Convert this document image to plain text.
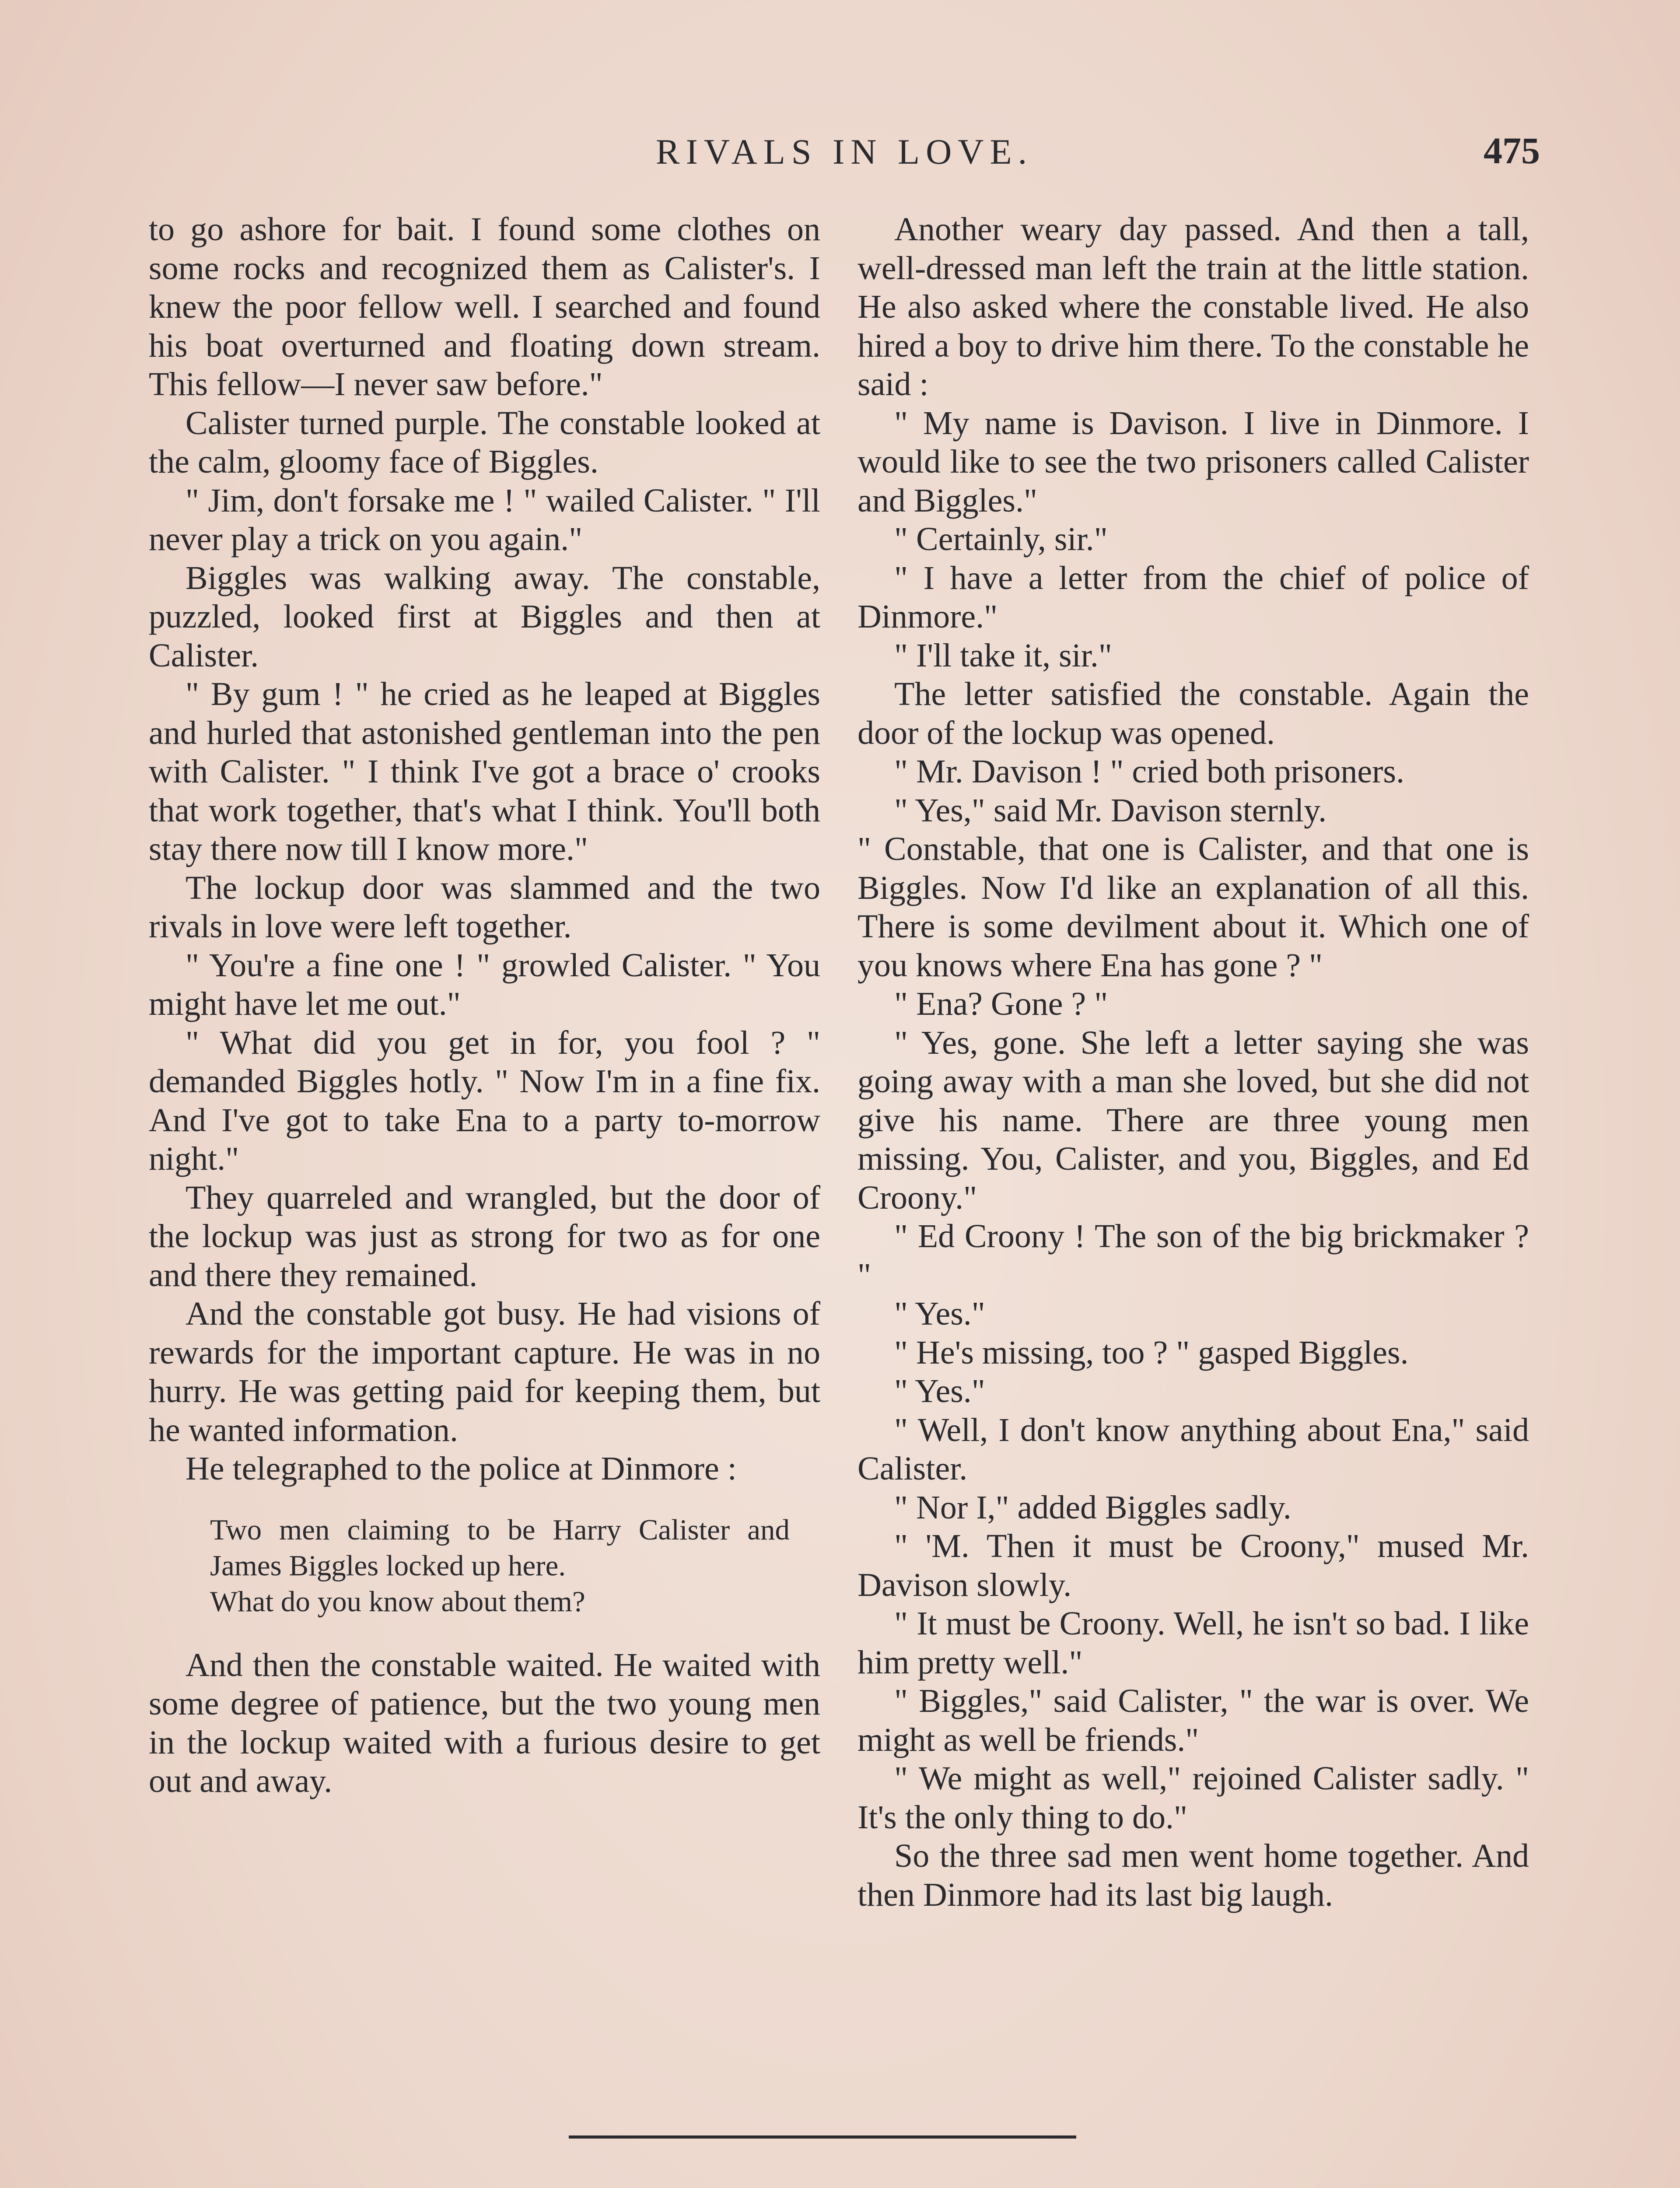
RIVALS IN LOVE.	475

to go ashore for bait. I found some clothes on some rocks and recognized them as Calister's. I knew the poor fellow well. I searched and found his boat overturned and floating down stream. This fellow—I never saw before."

Calister turned purple. The constable looked at the calm, gloomy face of Biggles.

" Jim, don't forsake me ! " wailed Calister. " I'll never play a trick on you again."

Biggles was walking away. The constable, puzzled, looked first at Biggles and then at Calister.

" By gum ! " he cried as he leaped at Biggles and hurled that astonished gentleman into the pen with Calister. " I think I've got a brace o' crooks that work together, that's what I think. You'll both stay there now till I know more."

The lockup door was slammed and the two rivals in love were left together.

" You're a fine one ! " growled Calister. " You might have let me out."

" What did you get in for, you fool ? " demanded Biggles hotly. " Now I'm in a fine fix. And I've got to take Ena to a party to-morrow night."

They quarreled and wrangled, but the door of the lockup was just as strong for two as for one and there they remained.

And the constable got busy. He had visions of rewards for the important capture. He was in no hurry. He was getting paid for keeping them, but he wanted information.

He telegraphed to the police at Dinmore :

Two men claiming to be Harry Calister and James Biggles locked up here.
What do you know about them?

And then the constable waited. He waited with some degree of patience, but the two young men in the lockup waited with a furious desire to get out and away.

Another weary day passed. And then a tall, well-dressed man left the train at the little station. He also asked where the constable lived. He also hired a boy to drive him there. To the constable he said :

" My name is Davison. I live in Dinmore. I would like to see the two prisoners called Calister and Biggles."

" Certainly, sir."

" I have a letter from the chief of police of Dinmore."

" I'll take it, sir."

The letter satisfied the constable. Again the door of the lockup was opened.

" Mr. Davison ! " cried both prisoners.

" Yes," said Mr. Davison sternly.

" Constable, that one is Calister, and that one is Biggles. Now I'd like an explanation of all this. There is some devilment about it. Which one of you knows where Ena has gone ? "

" Ena? Gone ? "

" Yes, gone. She left a letter saying she was going away with a man she loved, but she did not give his name. There are three young men missing. You, Calister, and you, Biggles, and Ed Croony."

" Ed Croony ! The son of the big brickmaker ? "

" Yes."

" He's missing, too ? " gasped Biggles.

" Yes."

" Well, I don't know anything about Ena," said Calister.

" Nor I," added Biggles sadly.

" 'M. Then it must be Croony," mused Mr. Davison slowly.

" It must be Croony. Well, he isn't so bad. I like him pretty well."

" Biggles," said Calister, " the war is over. We might as well be friends."

" We might as well," rejoined Calister sadly. " It's the only thing to do."

So the three sad men went home together. And then Dinmore had its last big laugh.
